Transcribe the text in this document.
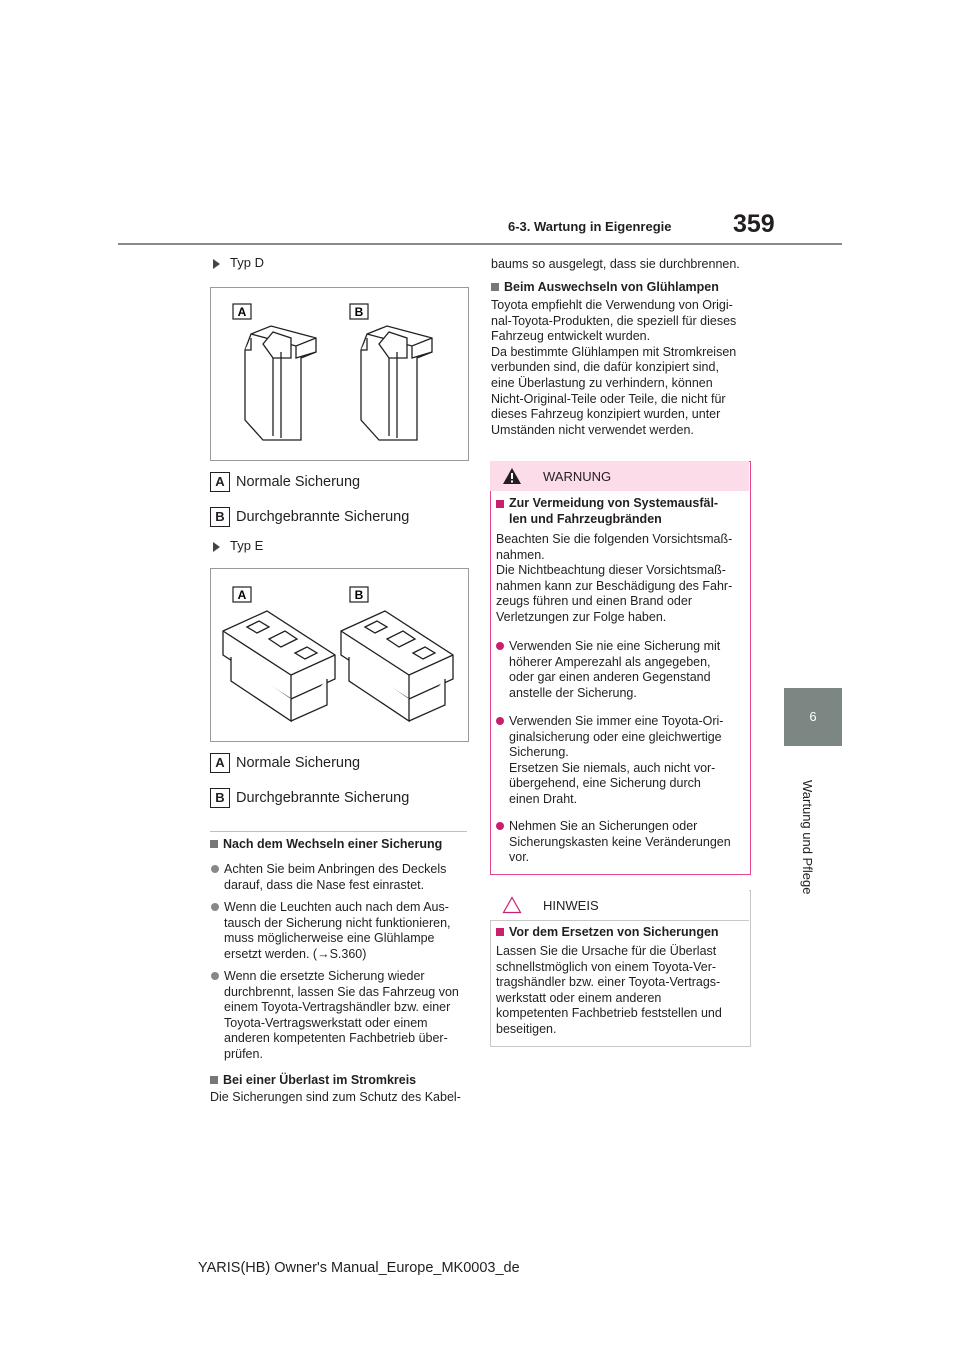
359
6-3. Wartung in Eigenregie
6
Wartung und Pflege
Typ D
A	B
A Normale Sicherung
B Durchgebrannte Sicherung
Typ E
A	B
A Normale Sicherung
B Durchgebrannte Sicherung
Nach dem Wechseln einer Sicherung
Achten Sie beim Anbringen des Deckels
darauf, dass die Nase fest einrastet.
Wenn die Leuchten auch nach dem Aus-
tausch der Sicherung nicht funktionieren,
muss möglicherweise eine Glühlampe
ersetzt werden. (→S.360)
Wenn die ersetzte Sicherung wieder
durchbrennt, lassen Sie das Fahrzeug von
einem Toyota-Vertragshändler bzw. einer
Toyota-Vertragswerkstatt oder einem
anderen kompetenten Fachbetrieb über-
prüfen.
Bei einer Überlast im Stromkreis
Die Sicherungen sind zum Schutz des Kabel-
baums so ausgelegt, dass sie durchbrennen.
Beim Auswechseln von Glühlampen
Toyota empfiehlt die Verwendung von Origi-
nal-Toyota-Produkten, die speziell für dieses
Fahrzeug entwickelt wurden.
Da bestimmte Glühlampen mit Stromkreisen
verbunden sind, die dafür konzipiert sind,
eine Überlastung zu verhindern, können
Nicht-Original-Teile oder Teile, die nicht für
dieses Fahrzeug konzipiert wurden, unter
Umständen nicht verwendet werden.
WARNUNG
Zur Vermeidung von Systemausfäl-
len und Fahrzeugbränden
Beachten Sie die folgenden Vorsichtsmaß-
nahmen.
Die Nichtbeachtung dieser Vorsichtsmaß-
nahmen kann zur Beschädigung des Fahr-
zeugs führen und einen Brand oder
Verletzungen zur Folge haben.
Verwenden Sie nie eine Sicherung mit
höherer Amperezahl als angegeben,
oder gar einen anderen Gegenstand
anstelle der Sicherung.
Verwenden Sie immer eine Toyota-Ori-
ginalsicherung oder eine gleichwertige
Sicherung.
Ersetzen Sie niemals, auch nicht vor-
übergehend, eine Sicherung durch
einen Draht.
Nehmen Sie an Sicherungen oder
Sicherungskasten keine Veränderungen
vor.
HINWEIS
Vor dem Ersetzen von Sicherungen
Lassen Sie die Ursache für die Überlast
schnellstmöglich von einem Toyota-Ver-
tragshändler bzw. einer Toyota-Vertrags-
werkstatt oder einem anderen
kompetenten Fachbetrieb feststellen und
beseitigen.
YARIS(HB) Owner's Manual_Europe_MK0003_de
